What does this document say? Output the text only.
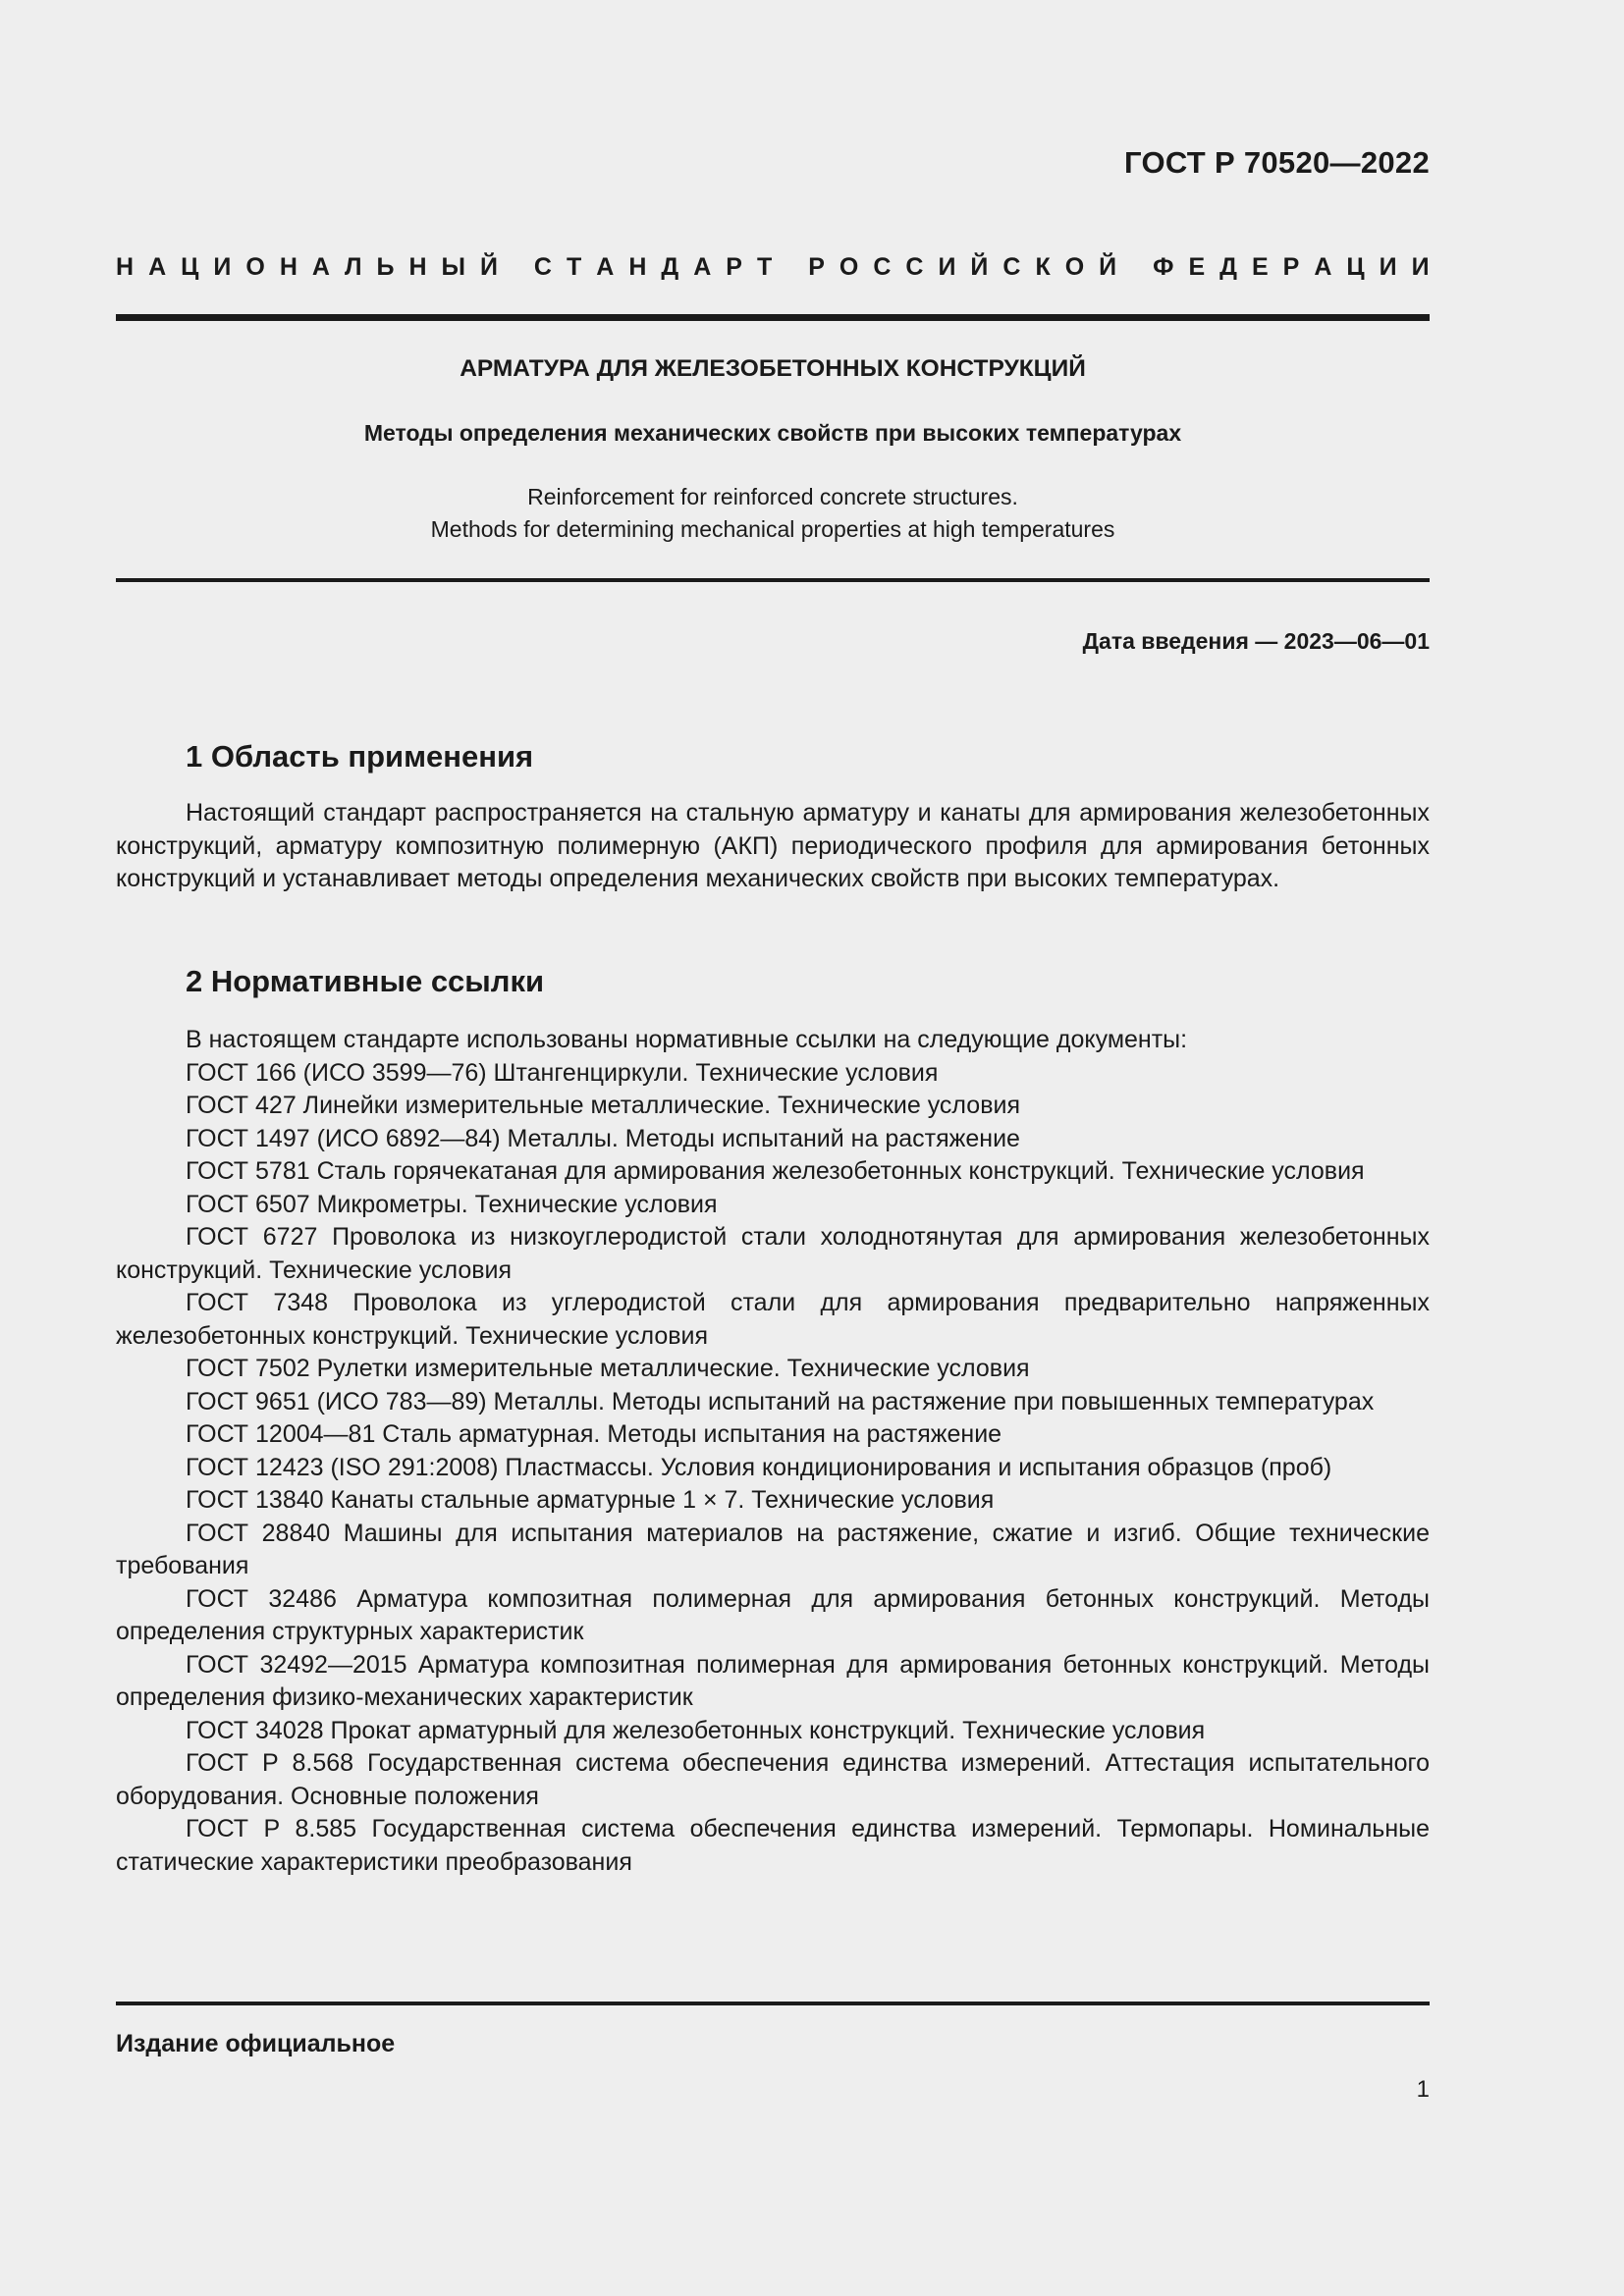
ГОСТ Р 70520—2022
Н А Ц И О Н А Л Ь Н Ы Й
С Т А Н Д А Р Т
Р О С С И Й С К О Й
Ф Е Д Е Р А Ц И И
АРМАТУРА ДЛЯ ЖЕЛЕЗОБЕТОННЫХ КОНСТРУКЦИЙ
Методы определения механических свойств при высоких температурах
Reinforcement for reinforced concrete structures.
Methods for determining mechanical properties at high temperatures
Дата введения — 2023—06—01
1 Область применения

Настоящий стандарт распространяется на стальную арматуру и канаты для армирования железобетонных конструкций, арматуру композитную полимерную (АКП) периодического профиля для армирования бетонных конструкций и устанавливает методы определения механических свойств при высоких температурах.

2 Нормативные ссылки

В настоящем стандарте использованы нормативные ссылки на следующие документы:

ГОСТ 166 (ИСО 3599—76) Штангенциркули. Технические условия

ГОСТ 427 Линейки измерительные металлические. Технические условия

ГОСТ 1497 (ИСО 6892—84) Металлы. Методы испытаний на растяжение

ГОСТ 5781 Сталь горячекатаная для армирования железобетонных конструкций. Технические условия

ГОСТ 6507 Микрометры. Технические условия

ГОСТ 6727 Проволока из низкоуглеродистой стали холоднотянутая для армирования железобетонных конструкций. Технические условия

ГОСТ 7348 Проволока из углеродистой стали для армирования предварительно напряженных железобетонных конструкций. Технические условия

ГОСТ 7502 Рулетки измерительные металлические. Технические условия

ГОСТ 9651 (ИСО 783—89) Металлы. Методы испытаний на растяжение при повышенных температурах

ГОСТ 12004—81 Сталь арматурная. Методы испытания на растяжение

ГОСТ 12423 (ISO 291:2008) Пластмассы. Условия кондиционирования и испытания образцов (проб)

ГОСТ 13840 Канаты стальные арматурные 1 × 7. Технические условия

ГОСТ 28840 Машины для испытания материалов на растяжение, сжатие и изгиб. Общие технические требования

ГОСТ 32486 Арматура композитная полимерная для армирования бетонных конструкций. Методы определения структурных характеристик

ГОСТ 32492—2015 Арматура композитная полимерная для армирования бетонных конструкций. Методы определения физико-механических характеристик

ГОСТ 34028 Прокат арматурный для железобетонных конструкций. Технические условия

ГОСТ Р 8.568 Государственная система обеспечения единства измерений. Аттестация испытательного оборудования. Основные положения

ГОСТ Р 8.585 Государственная система обеспечения единства измерений. Термопары. Номинальные статические характеристики преобразования

Издание официальное
1
